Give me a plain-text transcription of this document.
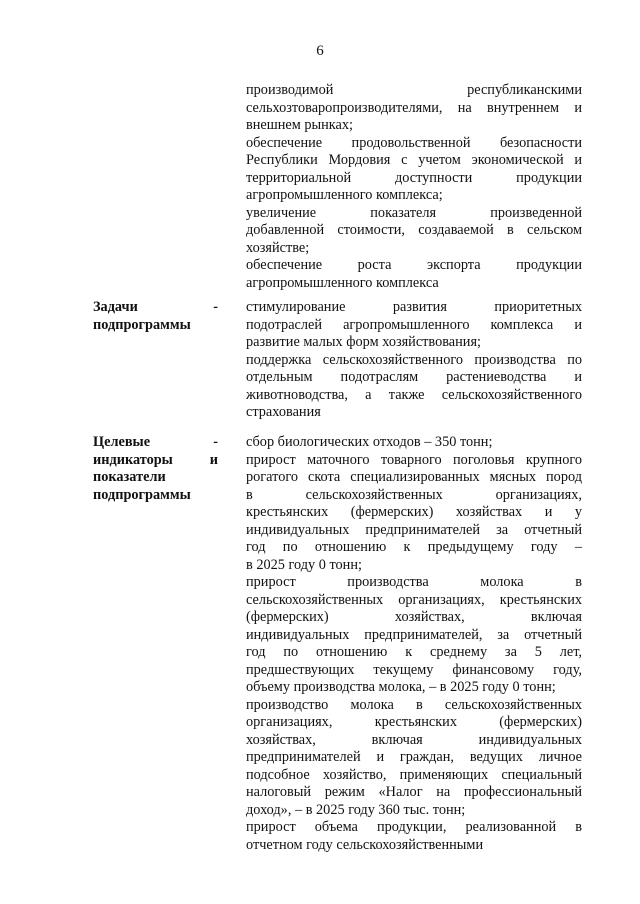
6

производимой республиканскими
сельхозтоваропроизводителями, на внутреннем и
внешнем рынках;

обеспечение продовольственной безопасности
Республики Мордовия с учетом экономической и
территориальной доступности продукции
агропромышленного комплекса;

увеличение показателя произведенной
добавленной стоимости, создаваемой в сельском
хозяйстве;

обеспечение роста экспорта продукции
агропромышленного комплекса

Задачи -
подпрограммы

стимулирование развития приоритетных
подотраслей агропромышленного комплекса и
развитие малых форм хозяйствования;

поддержка сельскохозяйственного производства по
отдельным подотраслям растениеводства и
животноводства, а также сельскохозяйственного
страхования

Целевые -
индикаторы и
показатели
подпрограммы

сбор биологических отходов – 350 тонн;

прирост маточного товарного поголовья крупного
рогатого скота специализированных мясных пород
в сельскохозяйственных организациях,
крестьянских (фермерских) хозяйствах и у
индивидуальных предпринимателей за отчетный
год по отношению к предыдущему году –
в 2025 году 0 тонн;

прирост производства молока в
сельскохозяйственных организациях, крестьянских
(фермерских) хозяйствах, включая
индивидуальных предпринимателей, за отчетный
год по отношению к среднему за 5 лет,
предшествующих текущему финансовому году,
объему производства молока, – в 2025 году 0 тонн;

производство молока в сельскохозяйственных
организациях, крестьянских (фермерских)
хозяйствах, включая индивидуальных
предпринимателей и граждан, ведущих личное
подсобное хозяйство, применяющих специальный
налоговый режим «Налог на профессиональный
доход», – в 2025 году 360 тыс. тонн;

прирост объема продукции, реализованной в
отчетном году сельскохозяйственными
